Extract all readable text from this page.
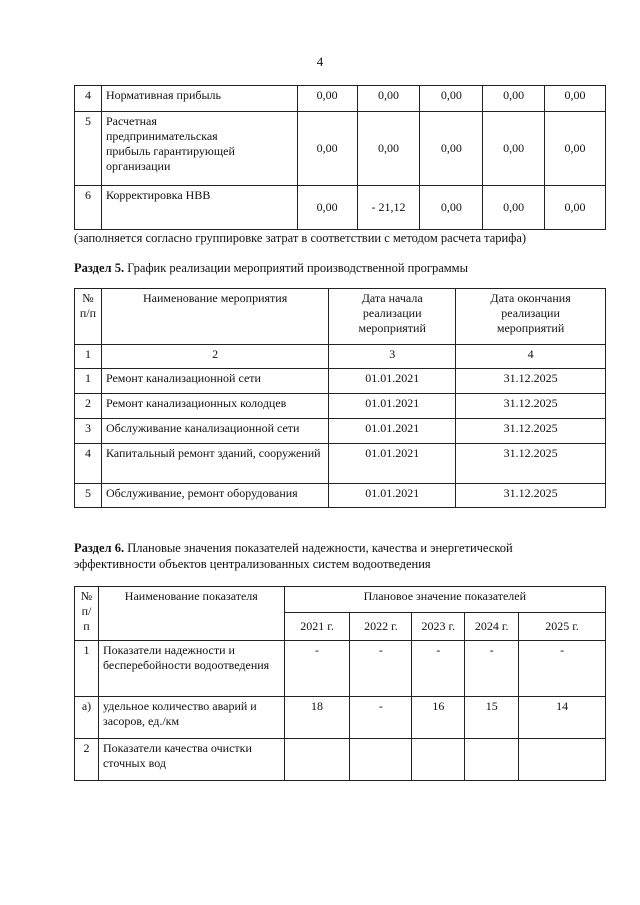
4
4	Нормативная прибыль	0,00	0,00	0,00	0,00	0,00
5	Расчетная предпринимательская прибыль гарантирующей организации	0,00	0,00	0,00	0,00	0,00
6	Корректировка НВВ	0,00	- 21,12	0,00	0,00	0,00
(заполняется согласно группировке затрат в соответствии с методом расчета тарифа)
Раздел 5. График реализации мероприятий производственной программы
№ п/п	Наименование мероприятия	Дата начала реализации мероприятий	Дата окончания реализации мероприятий
1	2	3	4
1	Ремонт канализационной сети	01.01.2021	31.12.2025
2	Ремонт канализационных колодцев	01.01.2021	31.12.2025
3	Обслуживание канализационной сети	01.01.2021	31.12.2025
4	Капитальный ремонт зданий, сооружений	01.01.2021	31.12.2025
5	Обслуживание, ремонт оборудования	01.01.2021	31.12.2025
Раздел 6. Плановые значения показателей надежности, качества и энергетической эффективности объектов централизованных систем водоотведения
№ п/п	Наименование показателя	Плановое значение показателей				
		2021 г.	2022 г.	2023 г.	2024 г.	2025 г.
1	Показатели надежности и бесперебойности водоотведения	-	-	-	-	-
а)	удельное количество аварий и засоров, ед./км	18	-	16	15	14
2	Показатели качества очистки сточных вод					
